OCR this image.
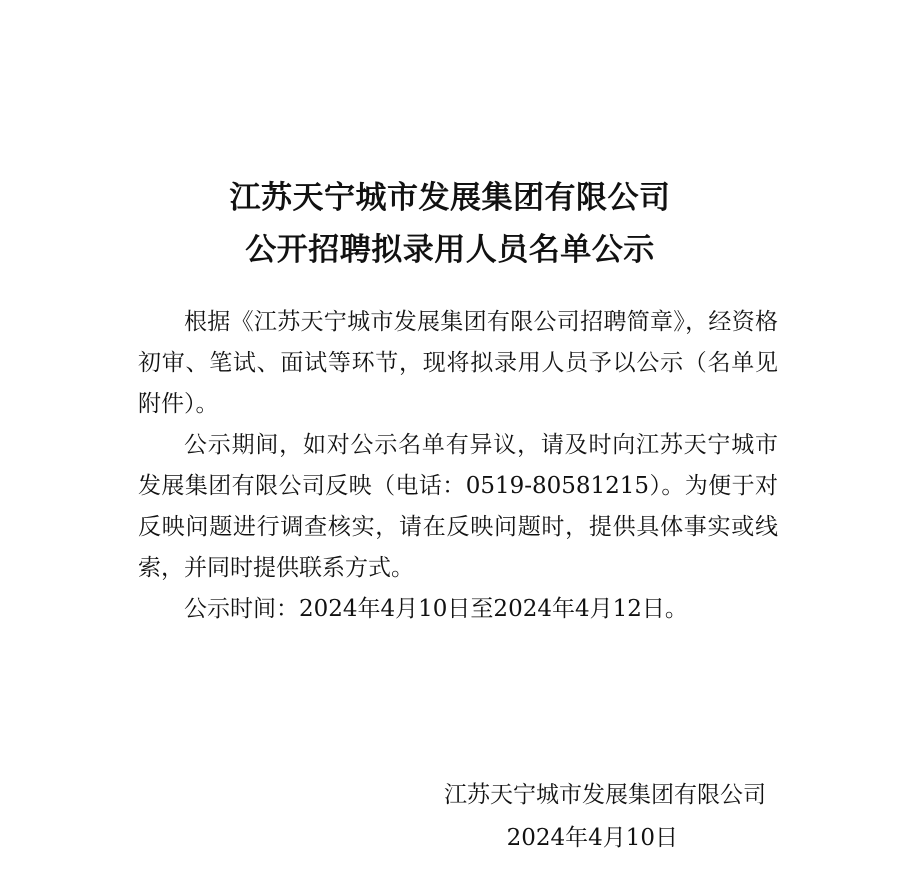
江苏天宁城市发展集团有限公司
公开招聘拟录用人员名单公示

根据《江苏天宁城市发展集团有限公司招聘简章》，经资格初审、笔试、面试等环节，现将拟录用人员予以公示（名单见附件）。

公示期间，如对公示名单有异议，请及时向江苏天宁城市发展集团有限公司反映（电话：0519-80581215）。为便于对反映问题进行调查核实，请在反映问题时，提供具体事实或线索，并同时提供联系方式。

公示时间：2024年4月10日至2024年4月12日。

江苏天宁城市发展集团有限公司
2024年4月10日
